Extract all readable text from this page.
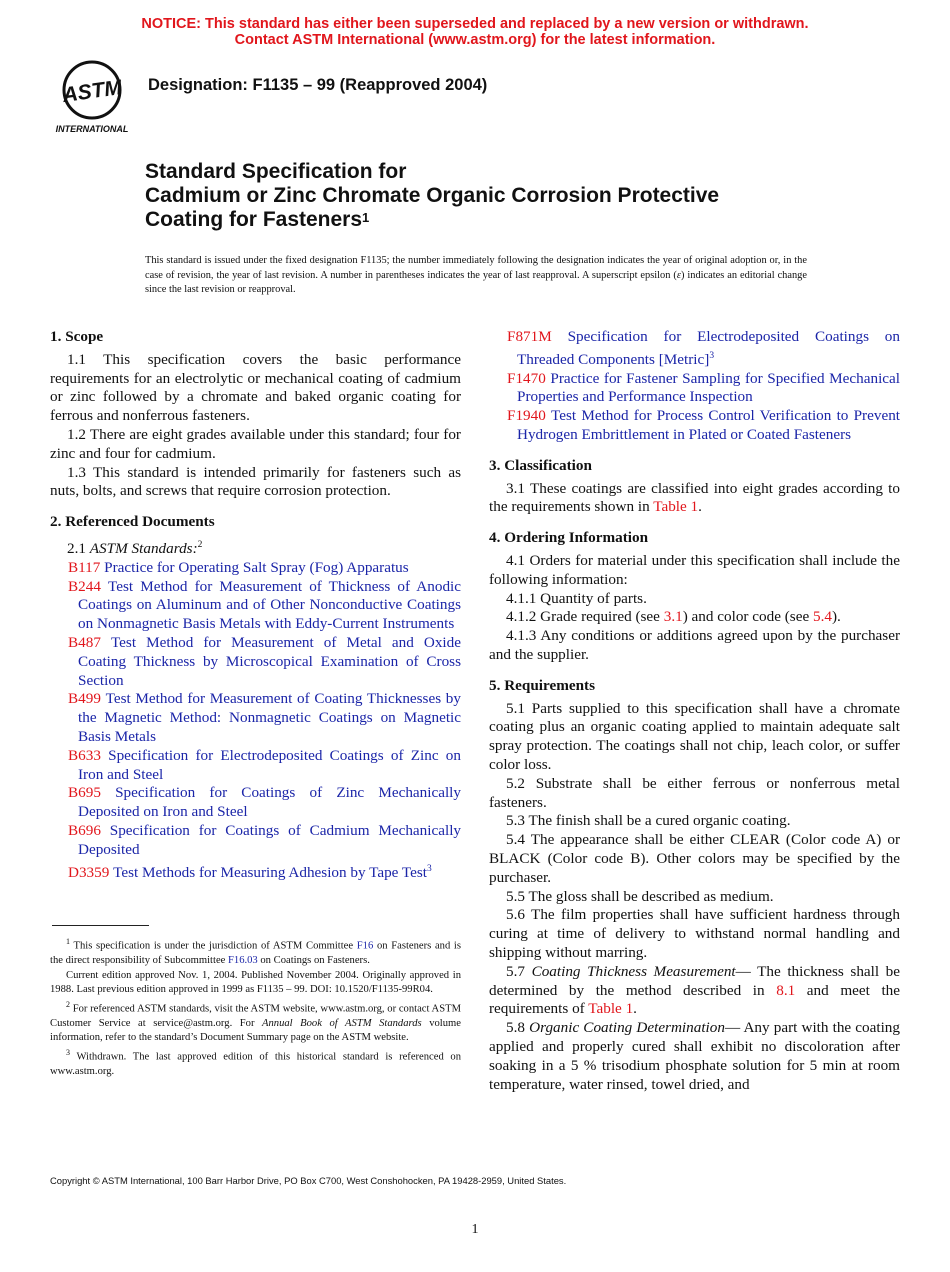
NOTICE: This standard has either been superseded and replaced by a new version or withdrawn.
Contact ASTM International (www.astm.org) for the latest information.
ASTM
INTERNATIONAL
Designation: F1135 – 99 (Reapproved 2004)
Standard Specification for
Cadmium or Zinc Chromate Organic Corrosion Protective
Coating for Fasteners$^1$
This standard is issued under the fixed designation F1135; the number immediately following the designation indicates the year of original adoption or, in the case of revision, the year of last revision. A number in parentheses indicates the year of last reapproval. A superscript epsilon (ε) indicates an editorial change since the last revision or reapproval.
1. Scope

1.1 This specification covers the basic performance requirements for an electrolytic or mechanical coating of cadmium or zinc followed by a chromate and baked organic coating for ferrous and nonferrous fasteners.

1.2 There are eight grades available under this standard; four for zinc and four for cadmium.

1.3 This standard is intended primarily for fasteners such as nuts, bolts, and screws that require corrosion protection.

2. Referenced Documents

2.1 ASTM Standards:$^2$

B117 Practice for Operating Salt Spray (Fog) Apparatus
B244 Test Method for Measurement of Thickness of Anodic Coatings on Aluminum and of Other Nonconductive Coatings on Nonmagnetic Basis Metals with Eddy-Current Instruments
B487 Test Method for Measurement of Metal and Oxide Coating Thickness by Microscopical Examination of Cross Section
B499 Test Method for Measurement of Coating Thicknesses by the Magnetic Method: Nonmagnetic Coatings on Magnetic Basis Metals
B633 Specification for Electrodeposited Coatings of Zinc on Iron and Steel
B695 Specification for Coatings of Zinc Mechanically Deposited on Iron and Steel
B696 Specification for Coatings of Cadmium Mechanically Deposited
D3359 Test Methods for Measuring Adhesion by Tape Test$^3$
F871M Specification for Electrodeposited Coatings on Threaded Components [Metric]$^3$
F1470 Practice for Fastener Sampling for Specified Mechanical Properties and Performance Inspection
F1940 Test Method for Process Control Verification to Prevent Hydrogen Embrittlement in Plated or Coated Fasteners
3. Classification

3.1 These coatings are classified into eight grades according to the requirements shown in Table 1.

4. Ordering Information

4.1 Orders for material under this specification shall include the following information:

4.1.1 Quantity of parts.

4.1.2 Grade required (see 3.1) and color code (see 5.4).

4.1.3 Any conditions or additions agreed upon by the purchaser and the supplier.

5. Requirements

5.1 Parts supplied to this specification shall have a chromate coating plus an organic coating applied to maintain adequate salt spray protection. The coatings shall not chip, leach color, or suffer color loss.

5.2 Substrate shall be either ferrous or nonferrous metal fasteners.

5.3 The finish shall be a cured organic coating.

5.4 The appearance shall be either CLEAR (Color code A) or BLACK (Color code B). Other colors may be specified by the purchaser.

5.5 The gloss shall be described as medium.

5.6 The film properties shall have sufficient hardness through curing at time of delivery to withstand normal handling and shipping without marring.

5.7 Coating Thickness Measurement— The thickness shall be determined by the method described in 8.1 and meet the requirements of Table 1.

5.8 Organic Coating Determination— Any part with the coating applied and properly cured shall exhibit no discoloration after soaking in a 5 % trisodium phosphate solution for 5 min at room temperature, water rinsed, towel dried, and

$^1$ This specification is under the jurisdiction of ASTM Committee F16 on Fasteners and is the direct responsibility of Subcommittee F16.03 on Coatings on Fasteners.

Current edition approved Nov. 1, 2004. Published November 2004. Originally approved in 1988. Last previous edition approved in 1999 as F1135 – 99. DOI: 10.1520/F1135-99R04.

$^2$ For referenced ASTM standards, visit the ASTM website, www.astm.org, or contact ASTM Customer Service at service@astm.org. For Annual Book of ASTM Standards volume information, refer to the standard’s Document Summary page on the ASTM website.

$^3$ Withdrawn. The last approved edition of this historical standard is referenced on www.astm.org.

Copyright © ASTM International, 100 Barr Harbor Drive, PO Box C700, West Conshohocken, PA 19428-2959, United States.
1
